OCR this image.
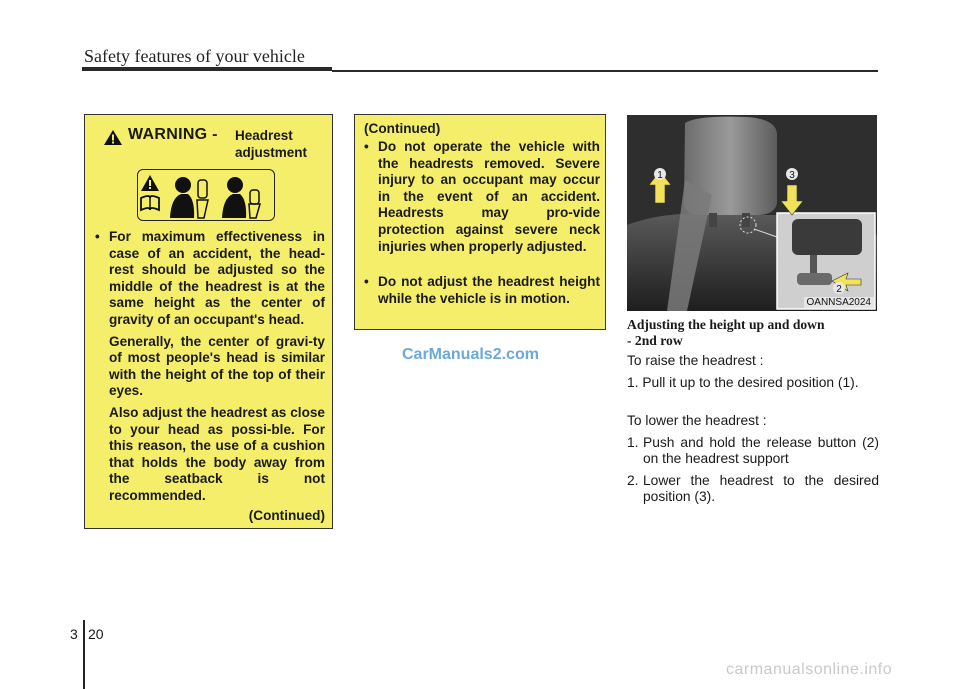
Safety features of your vehicle
WARNING - Headrest
adjustment
• For maximum effectiveness in case of an accident, the head-rest should be adjusted so the middle of the headrest is at the same height as the center of gravity of an occupant's head.
Generally, the center of gravi-ty of most people's head is similar with the height of the top of their eyes.
Also adjust the headrest as close to your head as possi-ble. For this reason, the use of a cushion that holds the body away from the seatback is not recommended.
(Continued)
(Continued)
• Do not operate the vehicle with the headrests removed. Severe injury to an occupant may occur in the event of an accident. Headrests may pro-vide protection against severe neck injuries when properly adjusted.
• Do not adjust the headrest height while the vehicle is in motion.
1	3
2
OANNSA2024
Adjusting the height up and down
- 2nd row
To raise the headrest :
1. Pull it up to the desired position (1).
To lower the headrest :
1. Push and hold the release button (2) on the headrest support
2. Lower the headrest to the desired position (3).
CarManuals2.com
3 20
carmanualsonline.info
